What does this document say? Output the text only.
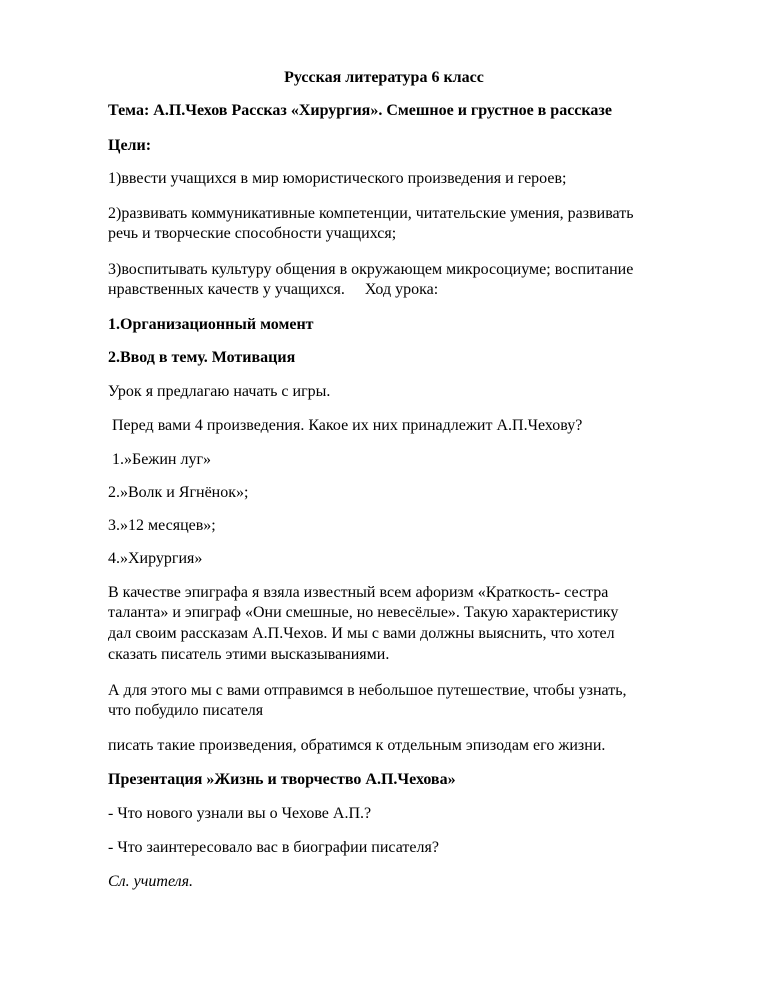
Русская литература 6 класс

Тема: А.П.Чехов Рассказ «Хирургия». Смешное и грустное в рассказе

Цели:

1)ввести учащихся в мир юмористического произведения и героев;

2)развивать коммуникативные компетенции, читательские умения, развивать

речь и творческие способности учащихся;

3)воспитывать культуру общения в окружающем микросоциуме; воспитание

нравственных качеств у учащихся.     Ход урока:

1.Организационный момент

2.Ввод в тему. Мотивация

Урок я предлагаю начать с игры.

Перед вами 4 произведения. Какое их них принадлежит А.П.Чехову?

1.»Бежин луг»

2.»Волк и Ягнёнок»;

3.»12 месяцев»;

4.»Хирургия»

В качестве эпиграфа я взяла известный всем афоризм «Краткость- сестра

таланта» и эпиграф «Они смешные, но невесёлые». Такую характеристику

дал своим рассказам А.П.Чехов. И мы с вами должны выяснить, что хотел

сказать писатель этими высказываниями.

А для этого мы с вами отправимся в небольшое путешествие, чтобы узнать,

что побудило писателя

писать такие произведения, обратимся к отдельным эпизодам его жизни.

Презентация »Жизнь и творчество А.П.Чехова»

- Что нового узнали вы о Чехове А.П.?

- Что заинтересовало вас в биографии писателя?

Сл. учителя.
